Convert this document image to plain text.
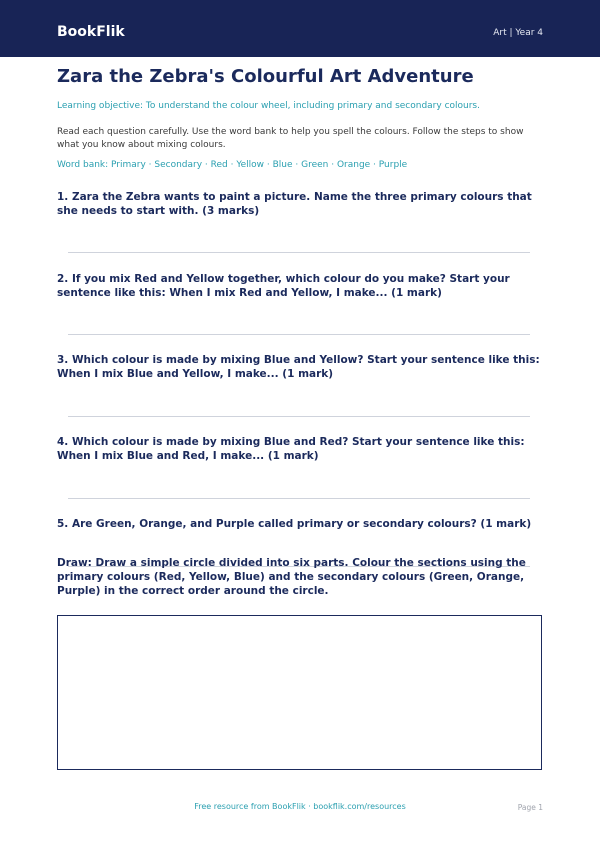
BookFlik	Art | Year 4
Zara the Zebra's Colourful Art Adventure
Learning objective: To understand the colour wheel, including primary and secondary colours.
Read each question carefully. Use the word bank to help you spell the colours. Follow the steps to show what you know about mixing colours.
Word bank: Primary · Secondary · Red · Yellow · Blue · Green · Orange · Purple
1. Zara the Zebra wants to paint a picture. Name the three primary colours that she needs to start with. (3 marks)
2. If you mix Red and Yellow together, which colour do you make? Start your sentence like this: When I mix Red and Yellow, I make... (1 mark)
3. Which colour is made by mixing Blue and Yellow? Start your sentence like this: When I mix Blue and Yellow, I make... (1 mark)
4. Which colour is made by mixing Blue and Red? Start your sentence like this: When I mix Blue and Red, I make... (1 mark)
5. Are Green, Orange, and Purple called primary or secondary colours? (1 mark)
Draw: Draw a simple circle divided into six parts. Colour the sections using the primary colours (Red, Yellow, Blue) and the secondary colours (Green, Orange, Purple) in the correct order around the circle.
Free resource from BookFlik · bookflik.com/resources	Page 1
